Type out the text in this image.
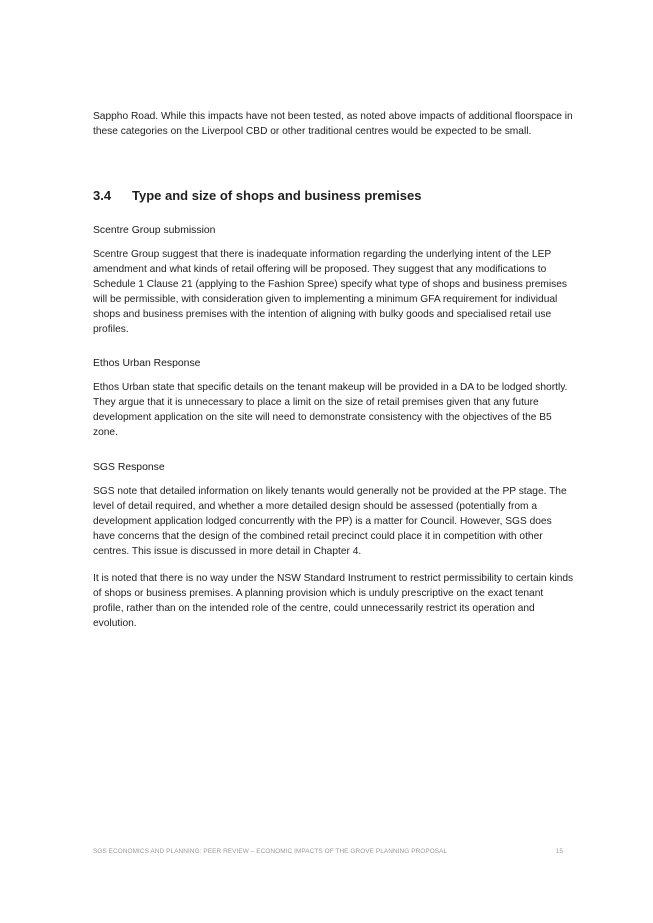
Sappho Road. While this impacts have not been tested, as noted above impacts of additional floorspace in these categories on the Liverpool CBD or other traditional centres would be expected to be small.

3.4	Type and size of shops and business premises
Scentre Group submission

Scentre Group suggest that there is inadequate information regarding the underlying intent of the LEP amendment and what kinds of retail offering will be proposed. They suggest that any modifications to Schedule 1 Clause 21 (applying to the Fashion Spree) specify what type of shops and business premises will be permissible, with consideration given to implementing a minimum GFA requirement for individual shops and business premises with the intention of aligning with bulky goods and specialised retail use profiles.

Ethos Urban Response

Ethos Urban state that specific details on the tenant makeup will be provided in a DA to be lodged shortly. They argue that it is unnecessary to place a limit on the size of retail premises given that any future development application on the site will need to demonstrate consistency with the objectives of the B5 zone.

SGS Response

SGS note that detailed information on likely tenants would generally not be provided at the PP stage. The level of detail required, and whether a more detailed design should be assessed (potentially from a development application lodged concurrently with the PP) is a matter for Council. However, SGS does have concerns that the design of the combined retail precinct could place it in competition with other centres. This issue is discussed in more detail in Chapter 4.

It is noted that there is no way under the NSW Standard Instrument to restrict permissibility to certain kinds of shops or business premises. A planning provision which is unduly prescriptive on the exact tenant profile, rather than on the intended role of the centre, could unnecessarily restrict its operation and evolution.

SGS ECONOMICS AND PLANNING: PEER REVIEW – ECONOMIC IMPACTS OF THE GROVE PLANNING PROPOSAL	15
